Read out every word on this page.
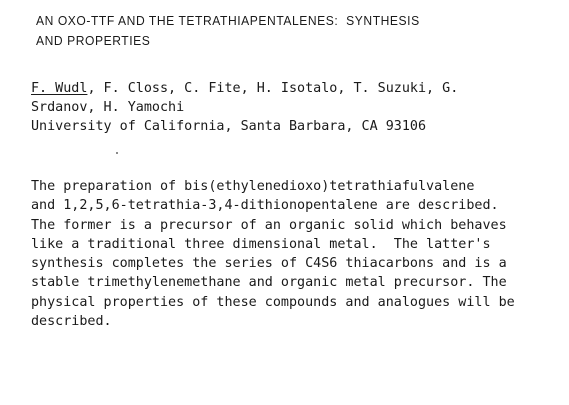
AN OXO-TTF AND THE TETRATHIAPENTALENES:  SYNTHESIS
AND PROPERTIES
F. Wudl, F. Closs, C. Fite, H. Isotalo, T. Suzuki, G.
Srdanov, H. Yamochi
University of California, Santa Barbara, CA 93106
The preparation of bis(ethylenedioxo)tetrathiafulvalene
and 1,2,5,6-tetrathia-3,4-dithionopentalene are described.
The former is a precursor of an organic solid which behaves
like a traditional three dimensional metal.  The latter's
synthesis completes the series of C4S6 thiacarbons and is a
stable trimethylenemethane and organic metal precursor. The
physical properties of these compounds and analogues will be
described.
